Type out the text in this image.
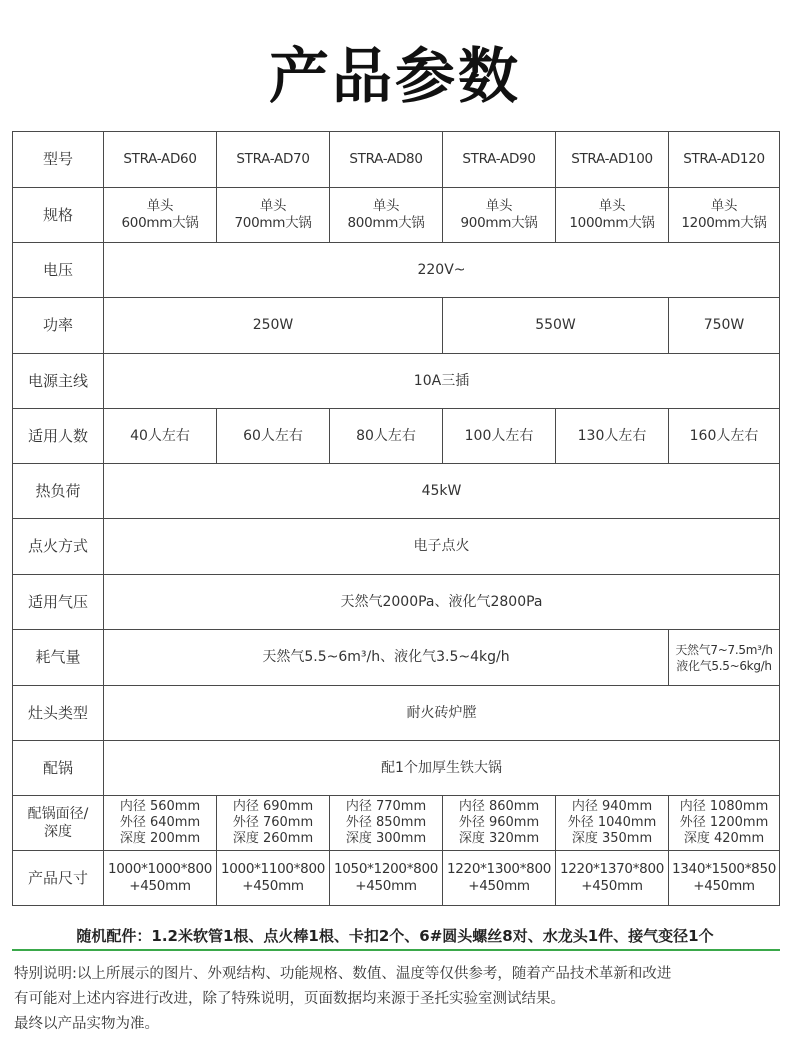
产品参数
型号	STRA-AD60	STRA-AD70	STRA-AD80	STRA-AD90	STRA-AD100	STRA-AD120
规格	单头
600mm大锅	单头
700mm大锅	单头
800mm大锅	单头
900mm大锅	单头
1000mm大锅	单头
1200mm大锅

电压	220V~					
功率	250W			550W		750W
电源主线	10A三插					
适用人数	40人左右	60人左右	80人左右	100人左右	130人左右	160人左右
热负荷	45kW					
点火方式	电子点火					
适用气压	天然气2000Pa、液化气2800Pa					
耗气量	天然气5.5~6m³/h、液化气3.5~4kg/h					天然气7~7.5m³/h
液化气5.5~6kg/h

灶头类型	耐火砖炉膛					
配锅	配1个加厚生铁大锅					

配锅面径/
深度	内径 560mm
外径 640mm
深度 200mm	内径 690mm
外径 760mm
深度 260mm	内径 770mm
外径 850mm
深度 300mm	内径 860mm
外径 960mm
深度 320mm	内径 940mm
外径 1040mm
深度 350mm	内径 1080mm
外径 1200mm
深度 420mm

产品尺寸	1000*1000*800
+450mm	1000*1100*800
+450mm	1050*1200*800
+450mm	1220*1300*800
+450mm	1220*1370*800
+450mm	1340*1500*850
+450mm
随机配件：1.2米软管1根、点火棒1根、卡扣2个、6#圆头螺丝8对、水龙头1件、接气变径1个
特别说明:以上所展示的图片、外观结构、功能规格、数值、温度等仅供参考，随着产品技术革新和改进
有可能对上述内容进行改进，除了特殊说明，页面数据均来源于圣托实验室测试结果。
最终以产品实物为准。
